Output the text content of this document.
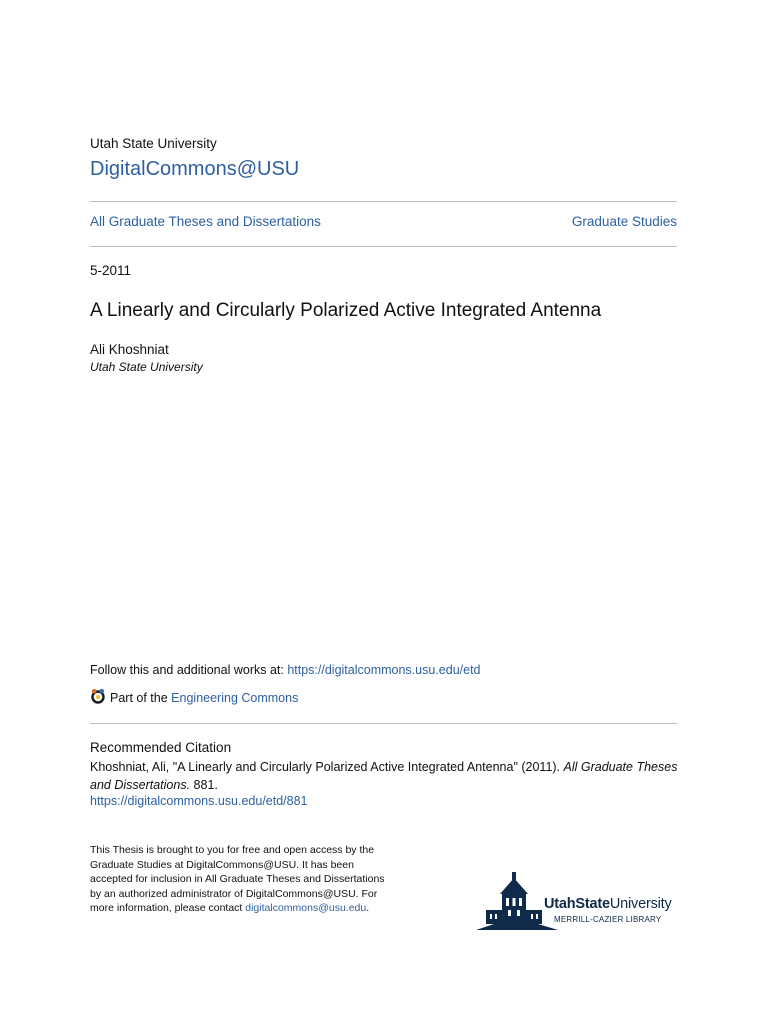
Utah State University
DigitalCommons@USU
All Graduate Theses and Dissertations	Graduate Studies
5-2011
A Linearly and Circularly Polarized Active Integrated Antenna
Ali Khoshniat
Utah State University
Follow this and additional works at: https://digitalcommons.usu.edu/etd
Part of the
Engineering Commons
Recommended Citation
Khoshniat, Ali, "A Linearly and Circularly Polarized Active Integrated Antenna" (2011). All Graduate Theses and Dissertations. 881.
https://digitalcommons.usu.edu/etd/881
This Thesis is brought to you for free and open access by the Graduate Studies at DigitalCommons@USU. It has been accepted for inclusion in All Graduate Theses and Dissertations by an authorized administrator of DigitalCommons@USU. For more information, please contact digitalcommons@usu.edu.	UtahStateUniversity
MERRILL-CAZIER LIBRARY
